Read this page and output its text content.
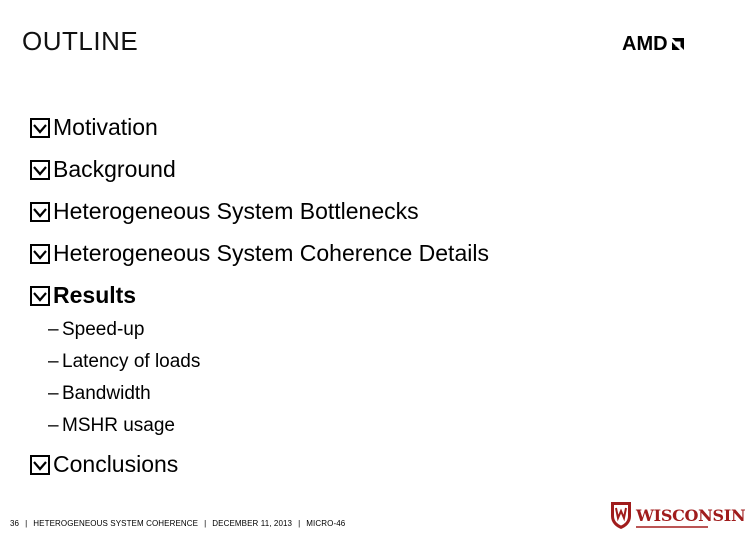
OUTLINE	AMD
Motivation
Background
Heterogeneous System Bottlenecks
Heterogeneous System Coherence Details
Results
– Speed-up
– Latency of loads
– Bandwidth
– MSHR usage
Conclusions
36 | HETEROGENEOUS SYSTEM COHERENCE | DECEMBER 11, 2013 | MICRO-46	WISCONSIN
